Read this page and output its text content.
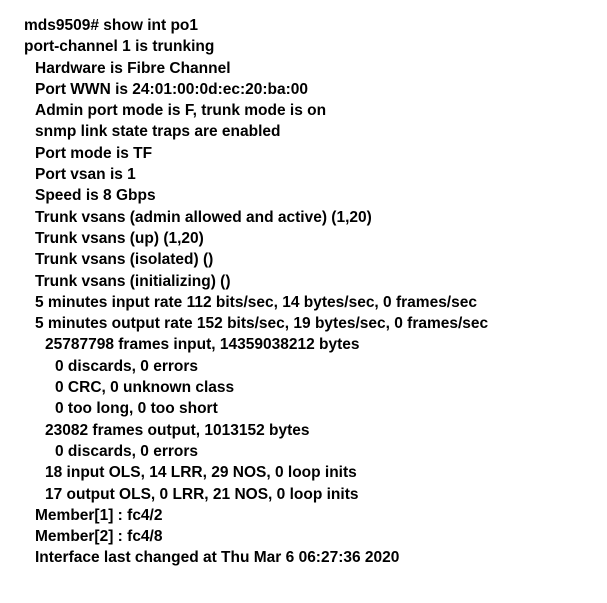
mds9509# show int po1
port-channel 1 is trunking
Hardware is Fibre Channel
Port WWN is 24:01:00:0d:ec:20:ba:00
Admin port mode is F, trunk mode is on
snmp link state traps are enabled
Port mode is TF
Port vsan is 1
Speed is 8 Gbps
Trunk vsans (admin allowed and active) (1,20)
Trunk vsans (up) (1,20)
Trunk vsans (isolated) ()
Trunk vsans (initializing) ()
5 minutes input rate 112 bits/sec, 14 bytes/sec, 0 frames/sec
5 minutes output rate 152 bits/sec, 19 bytes/sec, 0 frames/sec
25787798 frames input, 14359038212 bytes
0 discards, 0 errors
0 CRC, 0 unknown class
0 too long, 0 too short
23082 frames output, 1013152 bytes
0 discards, 0 errors
18 input OLS, 14 LRR, 29 NOS, 0 loop inits
17 output OLS, 0 LRR, 21 NOS, 0 loop inits
Member[1] : fc4/2
Member[2] : fc4/8
Interface last changed at Thu Mar 6 06:27:36 2020
